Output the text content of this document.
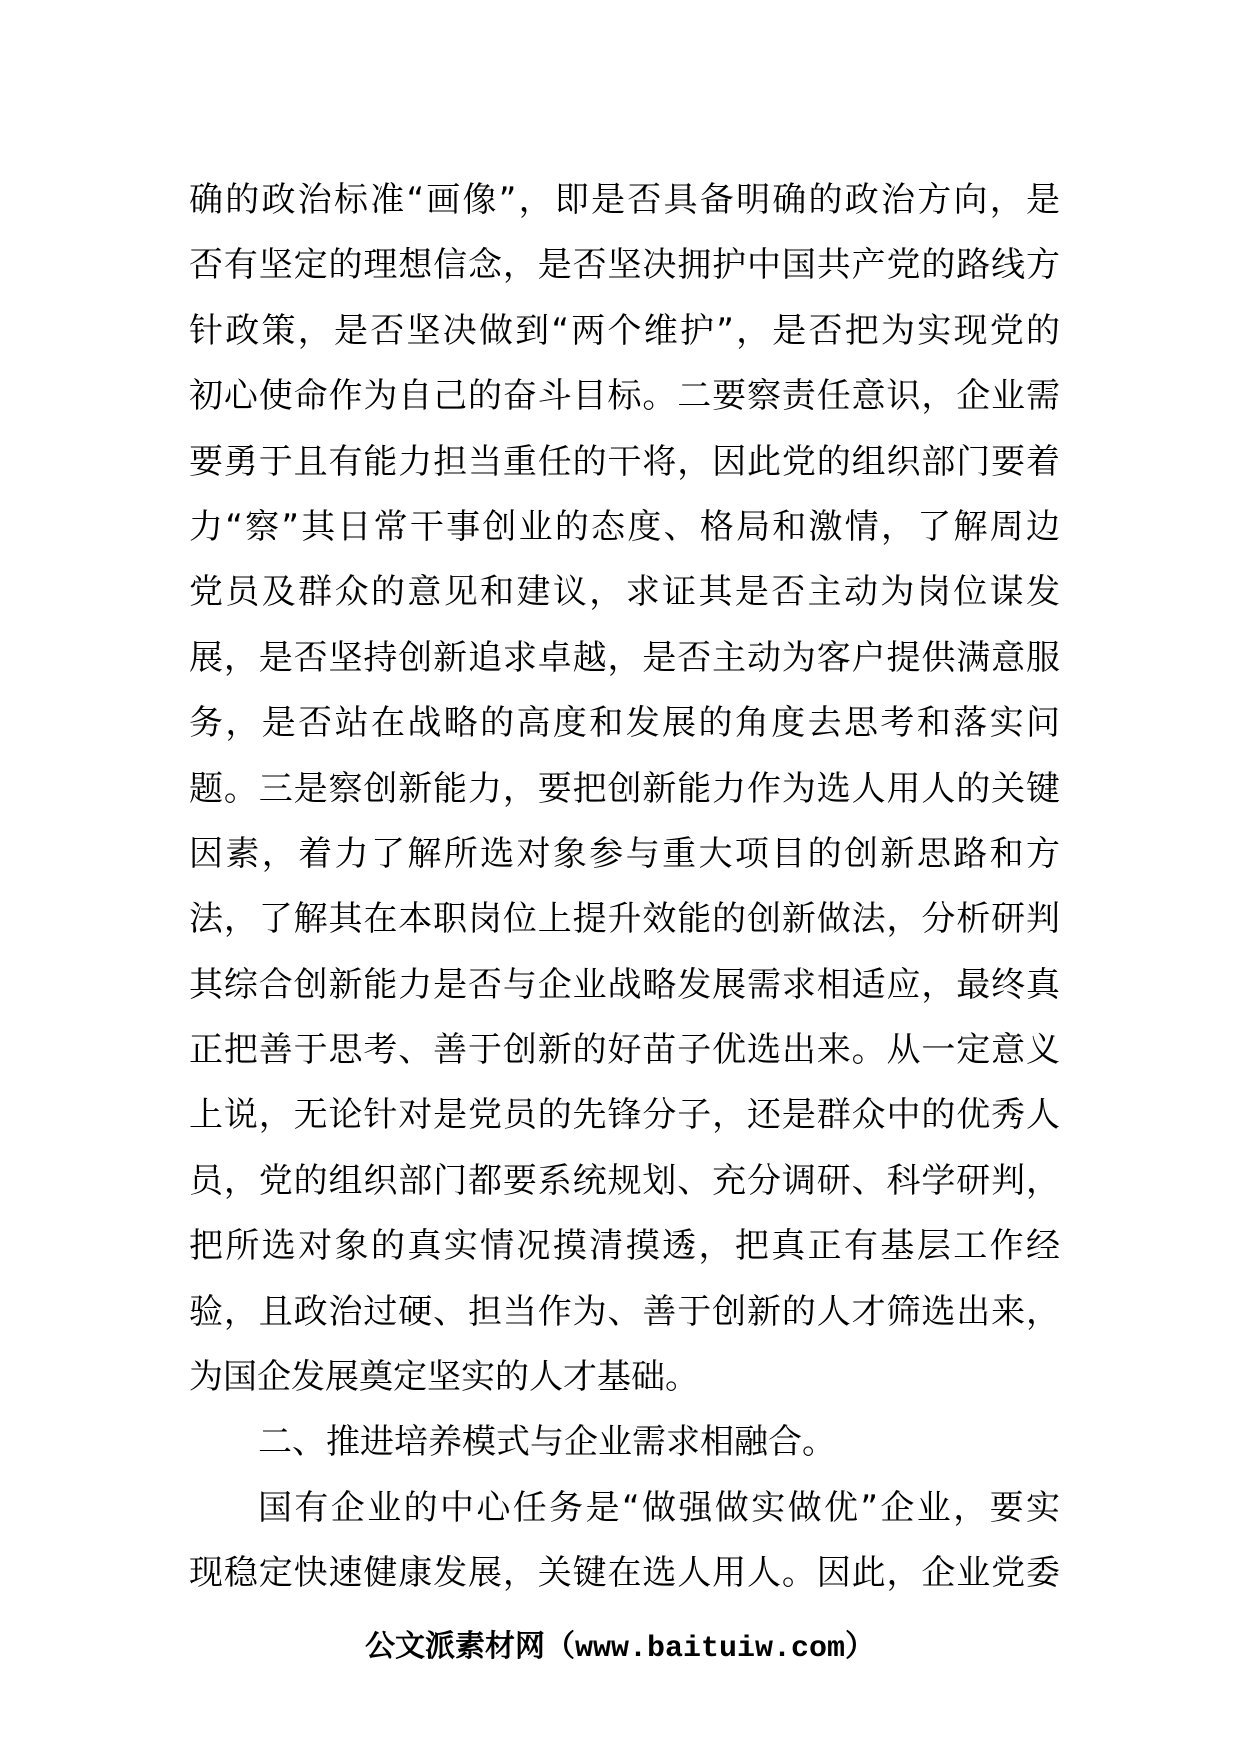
确的政治标准“画像”，即是否具备明确的政治方向，是
否有坚定的理想信念，是否坚决拥护中国共产党的路线方
针政策，是否坚决做到“两个维护”，是否把为实现党的
初心使命作为自己的奋斗目标。二要察责任意识，企业需
要勇于且有能力担当重任的干将，因此党的组织部门要着
力“察”其日常干事创业的态度、格局和激情，了解周边
党员及群众的意见和建议，求证其是否主动为岗位谋发
展，是否坚持创新追求卓越，是否主动为客户提供满意服
务，是否站在战略的高度和发展的角度去思考和落实问
题。三是察创新能力，要把创新能力作为选人用人的关键
因素，着力了解所选对象参与重大项目的创新思路和方
法，了解其在本职岗位上提升效能的创新做法，分析研判
其综合创新能力是否与企业战略发展需求相适应，最终真
正把善于思考、善于创新的好苗子优选出来。从一定意义
上说，无论针对是党员的先锋分子，还是群众中的优秀人
员，党的组织部门都要系统规划、充分调研、科学研判，
把所选对象的真实情况摸清摸透，把真正有基层工作经
验，且政治过硬、担当作为、善于创新的人才筛选出来，
为国企发展奠定坚实的人才基础。
二、推进培养模式与企业需求相融合。
国有企业的中心任务是“做强做实做优”企业，要实
现稳定快速健康发展，关键在选人用人。因此，企业党委
公文派素材网（www.baituiw.com）
